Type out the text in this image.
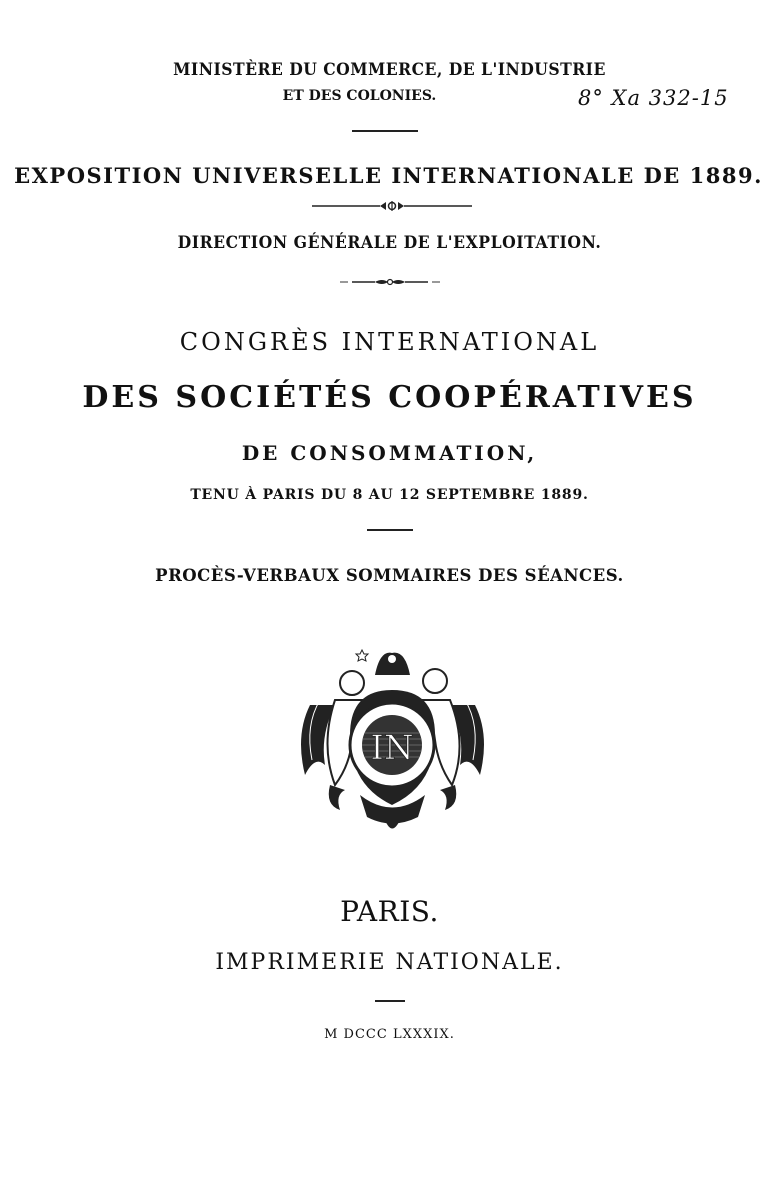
MINISTÈRE DU COMMERCE, DE L'INDUSTRIE
ET DES COLONIES.	8° Xa 332-15
EXPOSITION UNIVERSELLE INTERNATIONALE DE 1889.
DIRECTION GÉNÉRALE DE L'EXPLOITATION.
CONGRÈS INTERNATIONAL
DES SOCIÉTÉS COOPÉRATIVES
DE CONSOMMATION,
TENU À PARIS DU 8 AU 12 SEPTEMBRE 1889.
PROCÈS-VERBAUX SOMMAIRES DES SÉANCES.
IN
PARIS.
IMPRIMERIE NATIONALE.
M DCCC LXXXIX.
